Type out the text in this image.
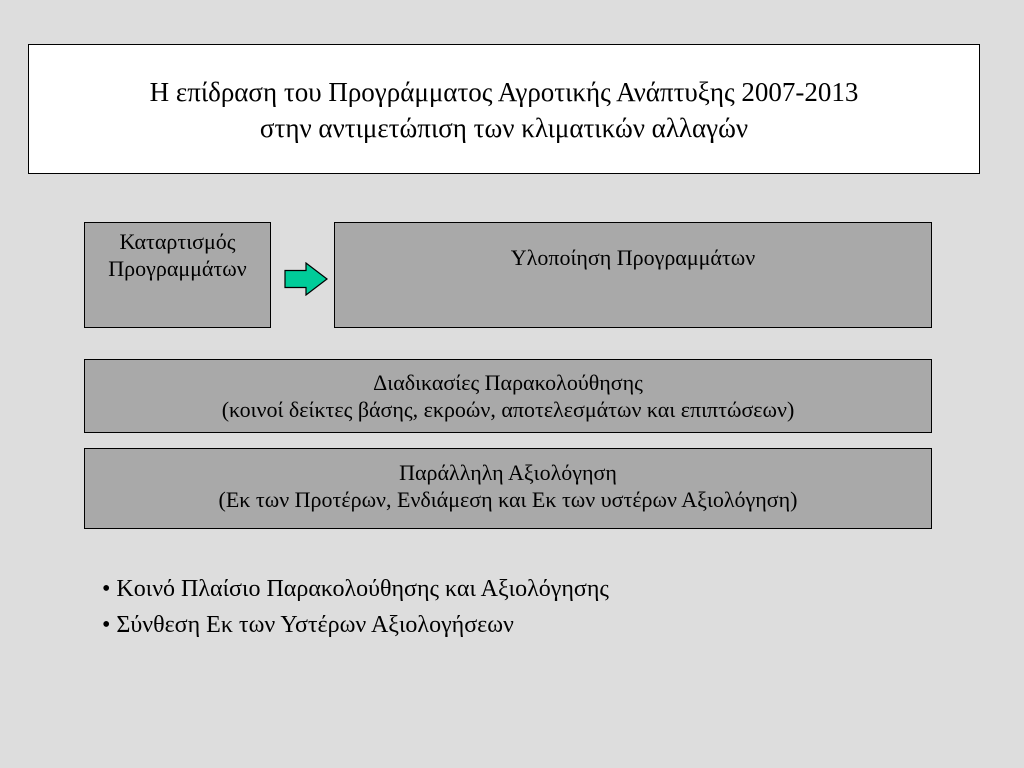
Η επίδραση του Προγράμματος Αγροτικής Ανάπτυξης 2007-2013
στην αντιμετώπιση των κλιματικών αλλαγών
Καταρτισμός
Προγραμμάτων	Υλοποίηση Προγραμμάτων
Διαδικασίες Παρακολούθησης
(κοινοί δείκτες βάσης, εκροών, αποτελεσμάτων και επιπτώσεων)
Παράλληλη Αξιολόγηση
(Εκ των Προτέρων, Ενδιάμεση και Εκ των υστέρων Αξιολόγηση)
• Κοινό Πλαίσιο Παρακολούθησης και Αξιολόγησης
• Σύνθεση Εκ των Υστέρων Αξιολογήσεων
